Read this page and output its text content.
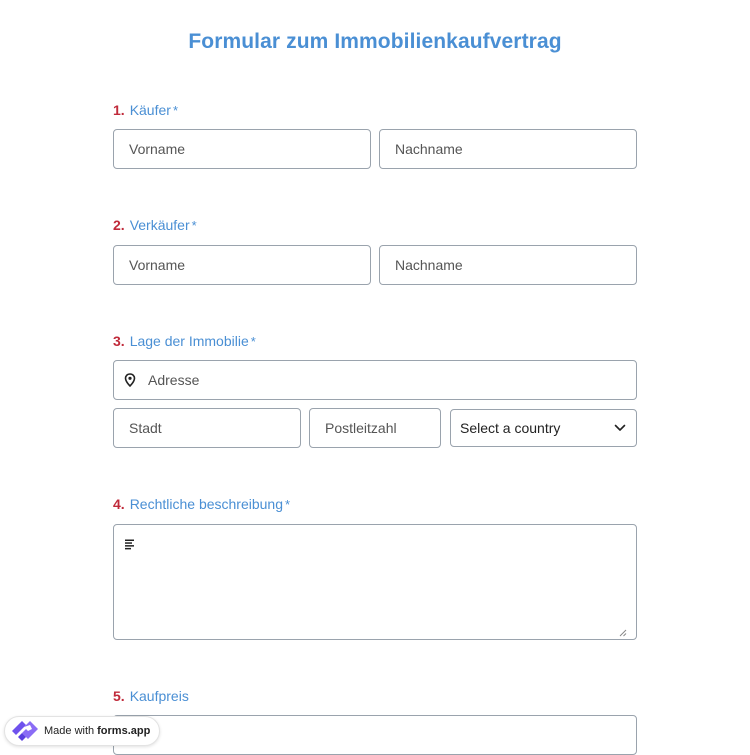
Formular zum Immobilienkaufvertrag
1. Käufer *
Vorname	Nachname
2. Verkäufer *
Vorname	Nachname
3. Lage der Immobilie *
Adresse
Stadt	Postleitzahl	Select a country
4. Rechtliche beschreibung *
5. Kaufpreis
Made with forms.app
